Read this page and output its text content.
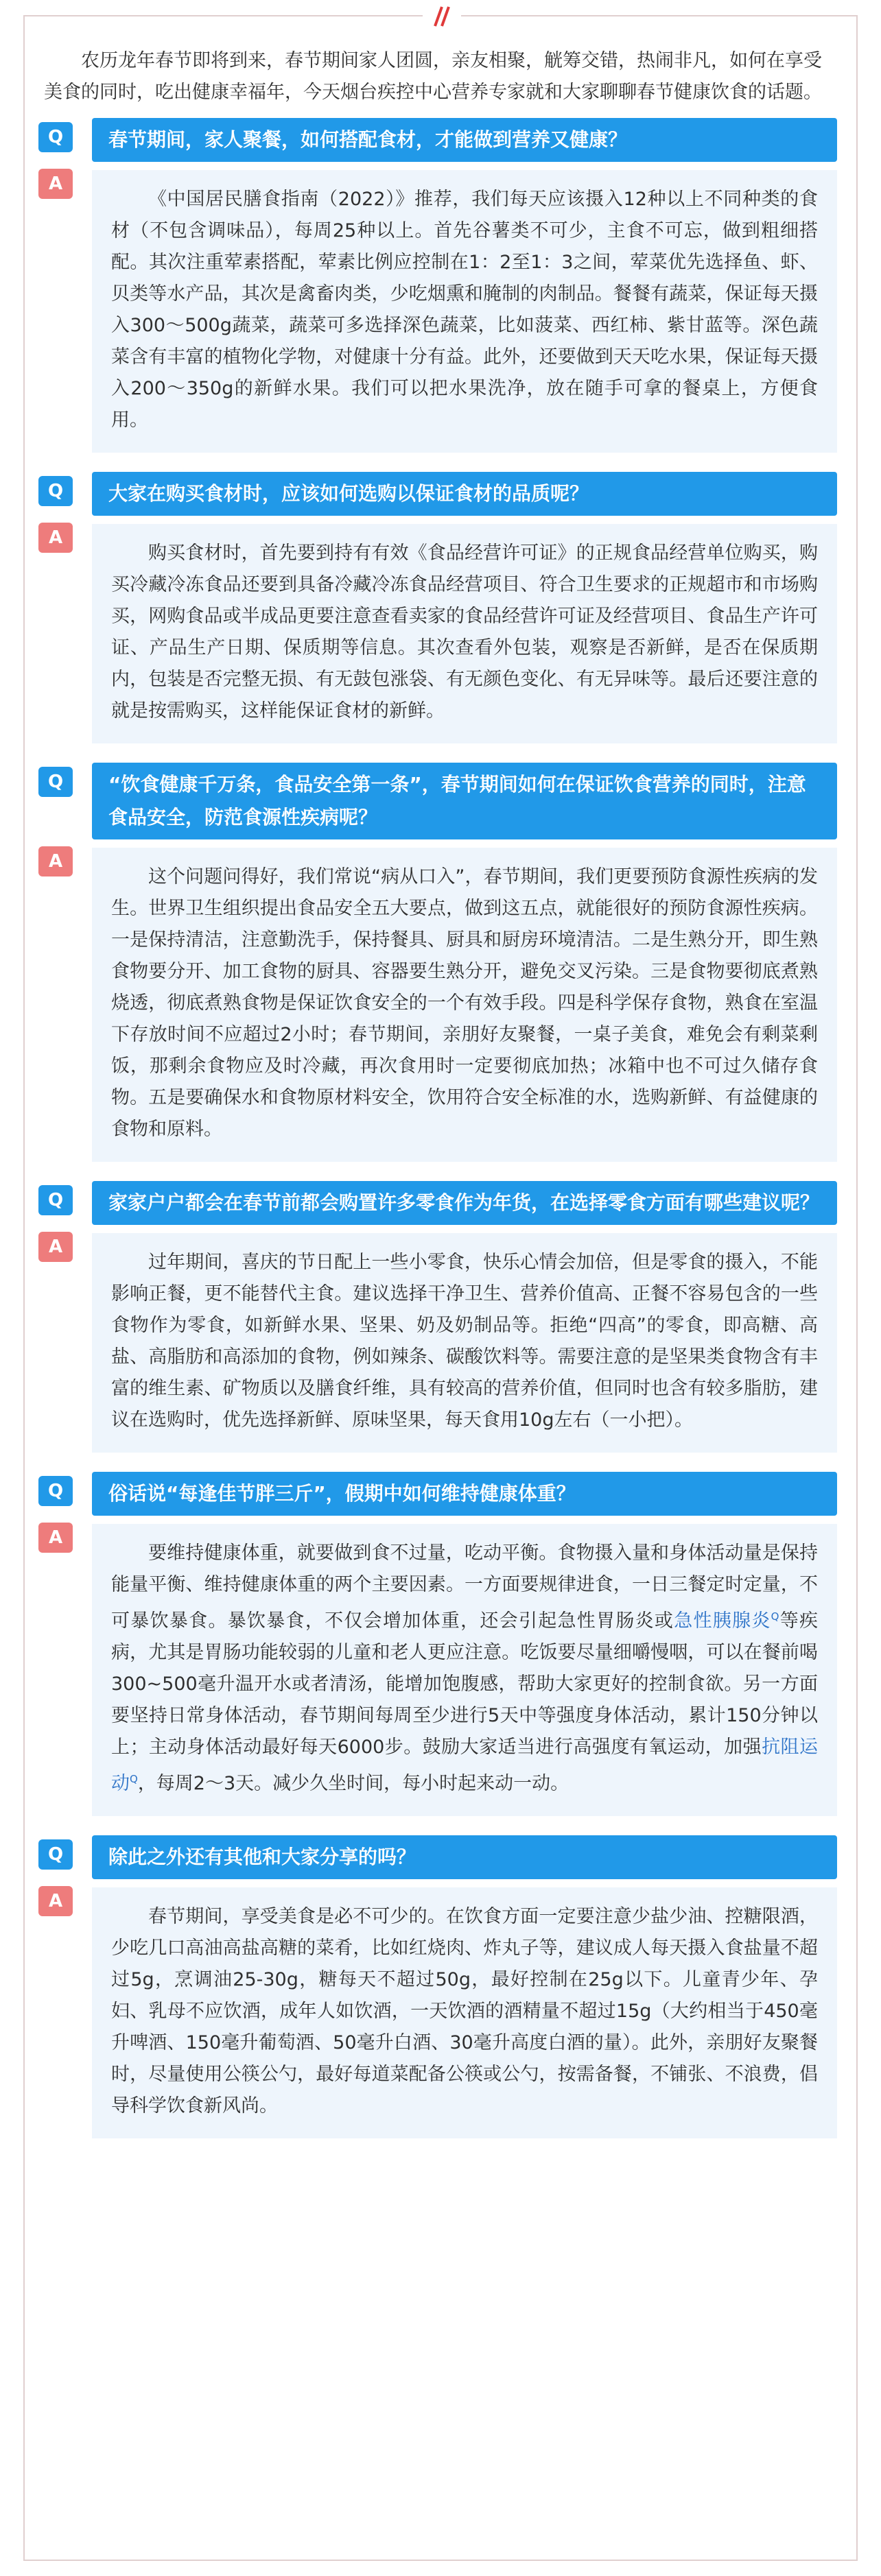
农历龙年春节即将到来，春节期间家人团圆，亲友相聚，觥筹交错，热闹非凡，如何在享受美食的同时，吃出健康幸福年，今天烟台疾控中心营养专家就和大家聊聊春节健康饮食的话题。

Q	春节期间，家人聚餐，如何搭配食材，才能做到营养又健康？
A

《中国居民膳食指南（2022）》推荐，我们每天应该摄入12种以上不同种类的食材（不包含调味品），每周25种以上。首先谷薯类不可少，主食不可忘，做到粗细搭配。其次注重荤素搭配，荤素比例应控制在1：2至1：3之间，荤菜优先选择鱼、虾、贝类等水产品，其次是禽畜肉类，少吃烟熏和腌制的肉制品。餐餐有蔬菜，保证每天摄入300～500g蔬菜，蔬菜可多选择深色蔬菜，比如菠菜、西红柿、紫甘蓝等。深色蔬菜含有丰富的植物化学物，对健康十分有益。此外，还要做到天天吃水果，保证每天摄入200～350g的新鲜水果。我们可以把水果洗净，放在随手可拿的餐桌上，方便食用。

Q	大家在购买食材时，应该如何选购以保证食材的品质呢？
A

购买食材时，首先要到持有有效《食品经营许可证》的正规食品经营单位购买，购买冷藏冷冻食品还要到具备冷藏冷冻食品经营项目、符合卫生要求的正规超市和市场购买，网购食品或半成品更要注意查看卖家的食品经营许可证及经营项目、食品生产许可证、产品生产日期、保质期等信息。其次查看外包装，观察是否新鲜，是否在保质期内，包装是否完整无损、有无鼓包涨袋、有无颜色变化、有无异味等。最后还要注意的就是按需购买，这样能保证食材的新鲜。

Q	“饮食健康千万条，食品安全第一条”，春节期间如何在保证饮食营养的同时，注意食品安全，防范食源性疾病呢？
A

这个问题问得好，我们常说“病从口入”，春节期间，我们更要预防食源性疾病的发生。世界卫生组织提出食品安全五大要点，做到这五点，就能很好的预防食源性疾病。一是保持清洁，注意勤洗手，保持餐具、厨具和厨房环境清洁。二是生熟分开，即生熟食物要分开、加工食物的厨具、容器要生熟分开，避免交叉污染。三是食物要彻底煮熟烧透，彻底煮熟食物是保证饮食安全的一个有效手段。四是科学保存食物，熟食在室温下存放时间不应超过2小时；春节期间，亲朋好友聚餐，一桌子美食，难免会有剩菜剩饭，那剩余食物应及时冷藏，再次食用时一定要彻底加热；冰箱中也不可过久储存食物。五是要确保水和食物原材料安全，饮用符合安全标准的水，选购新鲜、有益健康的食物和原料。

Q	家家户户都会在春节前都会购置许多零食作为年货，在选择零食方面有哪些建议呢？
A

过年期间，喜庆的节日配上一些小零食，快乐心情会加倍，但是零食的摄入，不能影响正餐，更不能替代主食。建议选择干净卫生、营养价值高、正餐不容易包含的一些食物作为零食，如新鲜水果、坚果、奶及奶制品等。拒绝“四高”的零食，即高糖、高盐、高脂肪和高添加的食物，例如辣条、碳酸饮料等。需要注意的是坚果类食物含有丰富的维生素、矿物质以及膳食纤维，具有较高的营养价值，但同时也含有较多脂肪，建议在选购时，优先选择新鲜、原味坚果，每天食用10g左右（一小把）。

Q	俗话说“每逢佳节胖三斤”，假期中如何维持健康体重？
A

要维持健康体重，就要做到食不过量，吃动平衡。食物摄入量和身体活动量是保持能量平衡、维持健康体重的两个主要因素。一方面要规律进食，一日三餐定时定量，不可暴饮暴食。暴饮暴食，不仅会增加体重，还会引起急性胃肠炎或急性胰腺炎$^Q$等疾病，尤其是胃肠功能较弱的儿童和老人更应注意。吃饭要尽量细嚼慢咽，可以在餐前喝300~500毫升温开水或者清汤，能增加饱腹感，帮助大家更好的控制食欲。另一方面要坚持日常身体活动，春节期间每周至少进行5天中等强度身体活动，累计150分钟以上；主动身体活动最好每天6000步。鼓励大家适当进行高强度有氧运动，加强抗阻运动$^Q$，每周2～3天。减少久坐时间，每小时起来动一动。

Q	除此之外还有其他和大家分享的吗？
A

春节期间，享受美食是必不可少的。在饮食方面一定要注意少盐少油、控糖限酒，少吃几口高油高盐高糖的菜肴，比如红烧肉、炸丸子等，建议成人每天摄入食盐量不超过5g，烹调油25-30g，糖每天不超过50g，最好控制在25g以下。儿童青少年、孕妇、乳母不应饮酒，成年人如饮酒，一天饮酒的酒精量不超过15g（大约相当于450毫升啤酒、150毫升葡萄酒、50毫升白酒、30毫升高度白酒的量）。此外，亲朋好友聚餐时，尽量使用公筷公勺，最好每道菜配备公筷或公勺，按需备餐，不铺张、不浪费，倡导科学饮食新风尚。
